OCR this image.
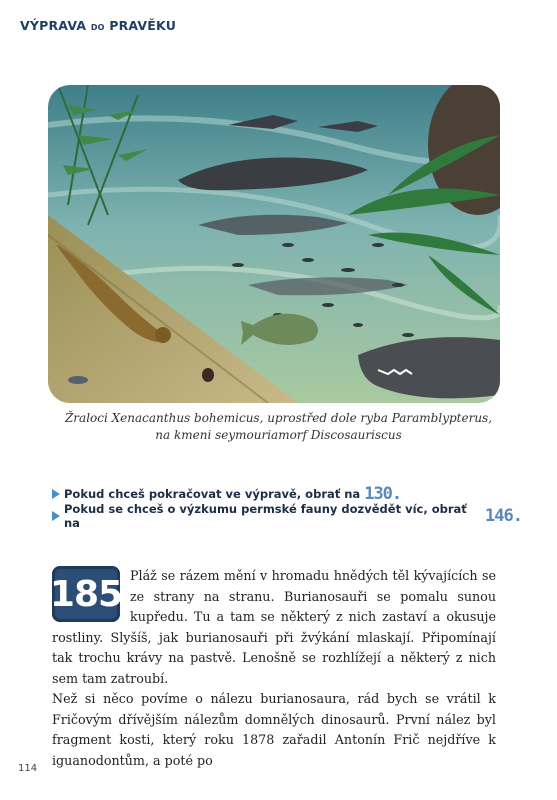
VÝPRAVA DO PRAVĚKU
Žraloci Xenacanthus bohemicus, uprostřed dole ryba Paramblypterus,
na kmeni seymouriamorf Discosauriscus
Pokud chceš pokračovat ve výpravě, obrať na 130.
Pokud se chceš o výzkumu permské fauny dozvědět víc, obrať na	146.
185 Pláž se rázem mění v hromadu hnědých těl kývajících se ze strany na stranu. Burianosauři se pomalu sunou kupředu. Tu a tam se některý z nich zastaví a okusuje rostliny. Slyšíš, jak burianosauři při žvýkání mlaskají. Připomínají tak trochu krávy na pastvě. Lenošně se rozhlížejí a některý z nich sem tam zatroubí.

Než si něco povíme o nálezu burianosaura, rád bych se vrátil k Fričovým dřívějším nálezům domnělých dinosaurů. První nález byl fragment kosti, který roku 1878 zařadil Antonín Frič nejdříve k iguanodontům, a poté po

114
